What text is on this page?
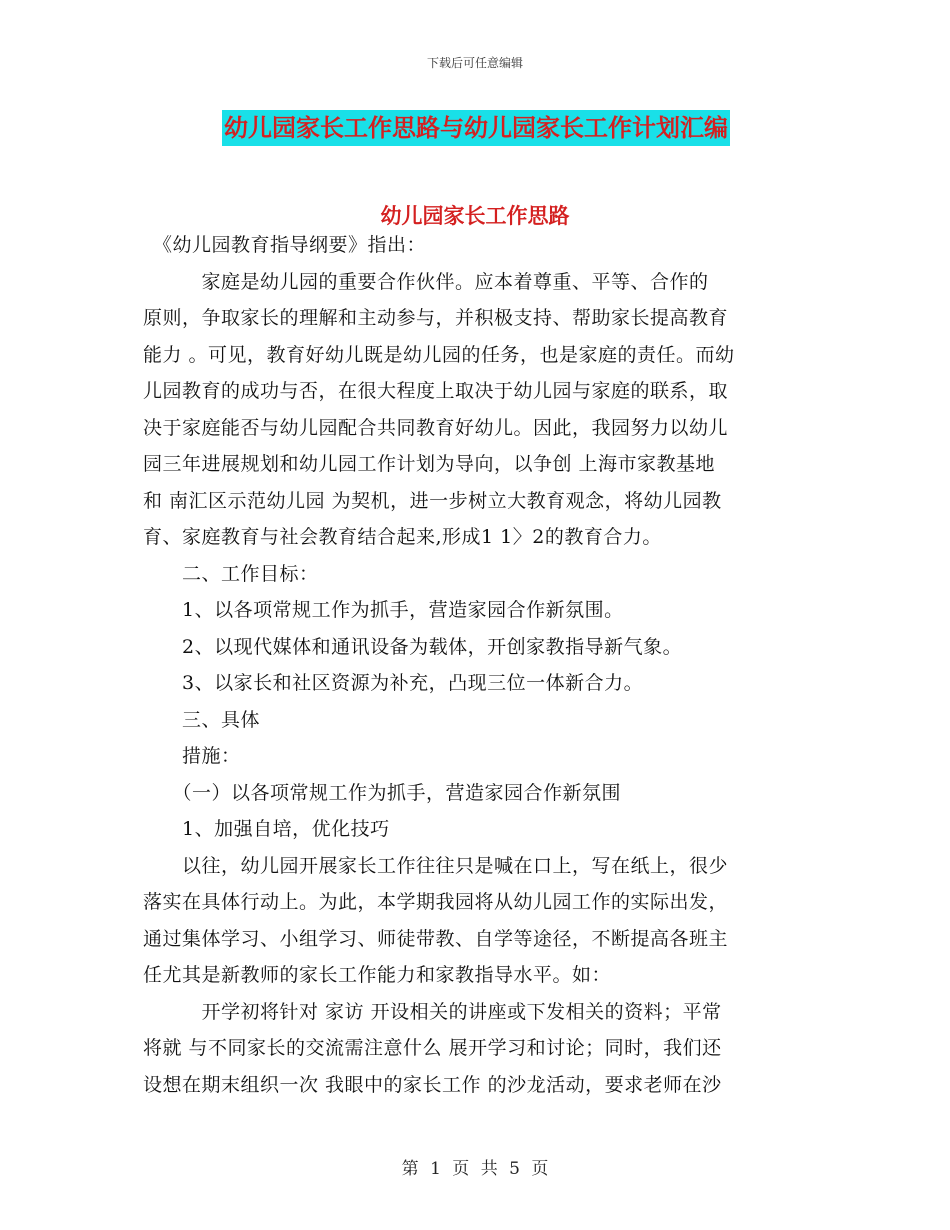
下载后可任意编辑
幼儿园家长工作思路与幼儿园家长工作计划汇编
幼儿园家长工作思路
　《幼儿园教育指导纲要》指出：
　　　家庭是幼儿园的重要合作伙伴。应本着尊重、平等、合作的
原则，争取家长的理解和主动参与，并积极支持、帮助家长提高教育
能力 。可见，教育好幼儿既是幼儿园的任务，也是家庭的责任。而幼
儿园教育的成功与否，在很大程度上取决于幼儿园与家庭的联系，取
决于家庭能否与幼儿园配合共同教育好幼儿。因此，我园努力以幼儿
园三年进展规划和幼儿园工作计划为导向，以争创 上海市家教基地
和 南汇区示范幼儿园 为契机，进一步树立大教育观念，将幼儿园教
育、家庭教育与社会教育结合起来,形成1 1〉2的教育合力。
　　二、工作目标：
　　1、以各项常规工作为抓手，营造家园合作新氛围。
　　2、以现代媒体和通讯设备为载体，开创家教指导新气象。
　　3、以家长和社区资源为补充，凸现三位一体新合力。
　　三、具体
　　措施：
　　（一）以各项常规工作为抓手，营造家园合作新氛围
　　1、加强自培，优化技巧
　　以往，幼儿园开展家长工作往往只是喊在口上，写在纸上，很少
落实在具体行动上。为此，本学期我园将从幼儿园工作的实际出发，
通过集体学习、小组学习、师徒带教、自学等途径，不断提高各班主
任尤其是新教师的家长工作能力和家教指导水平。如：
　　　开学初将针对 家访 开设相关的讲座或下发相关的资料；平常
将就 与不同家长的交流需注意什么 展开学习和讨论；同时，我们还
设想在期末组织一次 我眼中的家长工作 的沙龙活动，要求老师在沙
第 1 页 共 5 页
